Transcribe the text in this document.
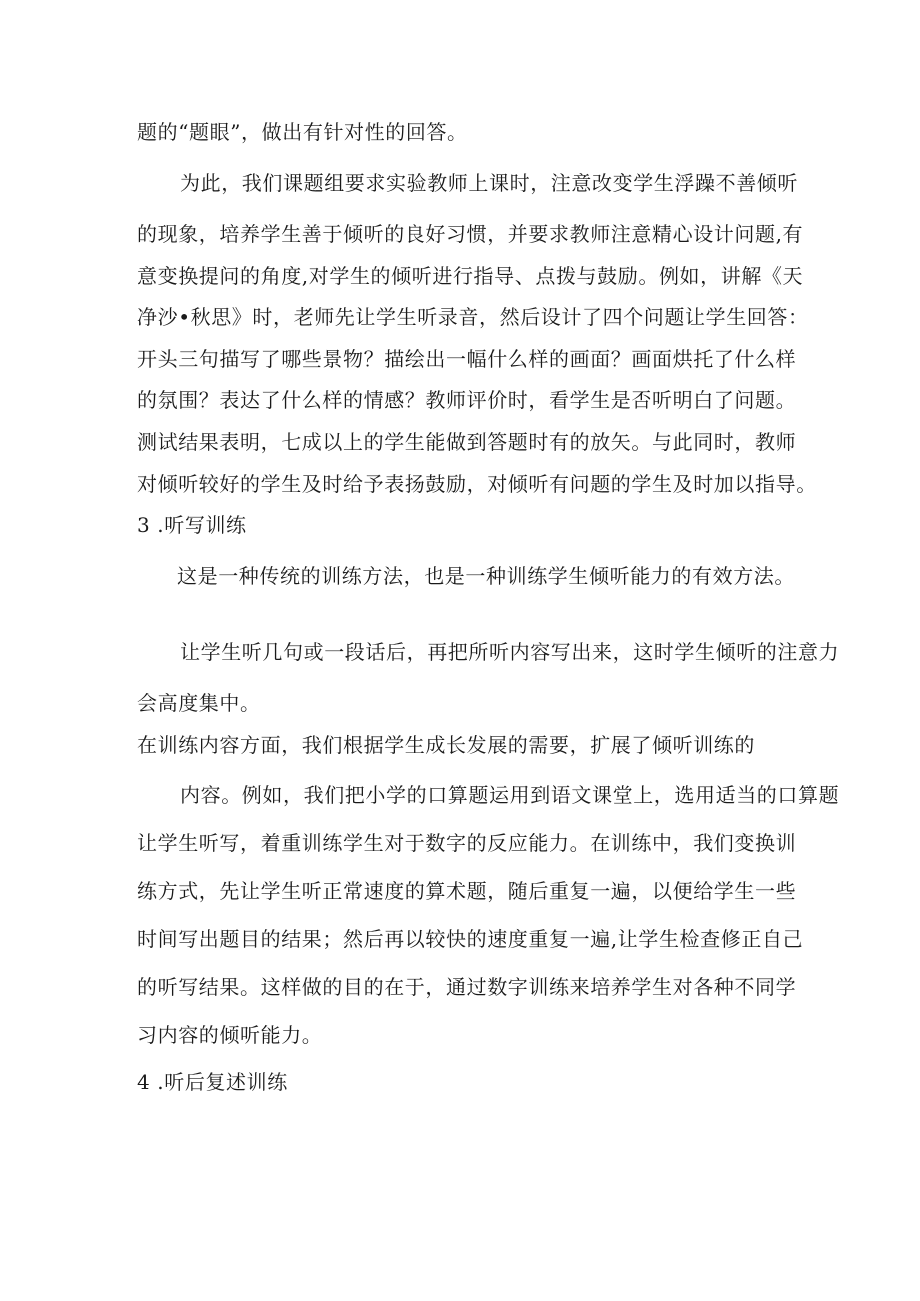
题的“题眼”，做出有针对性的回答。
为此，我们课题组要求实验教师上课时，注意改变学生浮躁不善倾听
的现象，培养学生善于倾听的良好习惯，并要求教师注意精心设计问题,有
意变换提问的角度,对学生的倾听进行指导、点拨与鼓励。例如，讲解《天
净沙•秋思》时，老师先让学生听录音，然后设计了四个问题让学生回答：
开头三句描写了哪些景物？描绘出一幅什么样的画面？画面烘托了什么样
的氛围？表达了什么样的情感？教师评价时，看学生是否听明白了问题。
测试结果表明，七成以上的学生能做到答题时有的放矢。与此同时，教师
对倾听较好的学生及时给予表扬鼓励，对倾听有问题的学生及时加以指导。
3 .听写训练
这是一种传统的训练方法，也是一种训练学生倾听能力的有效方法。
让学生听几句或一段话后，再把所听内容写出来，这时学生倾听的注意力
会高度集中。
在训练内容方面，我们根据学生成长发展的需要，扩展了倾听训练的
内容。例如，我们把小学的口算题运用到语文课堂上，选用适当的口算题
让学生听写，着重训练学生对于数字的反应能力。在训练中，我们变换训
练方式，先让学生听正常速度的算术题，随后重复一遍，以便给学生一些
时间写出题目的结果；然后再以较快的速度重复一遍,让学生检查修正自己
的听写结果。这样做的目的在于，通过数字训练来培养学生对各种不同学
习内容的倾听能力。
4 .听后复述训练
